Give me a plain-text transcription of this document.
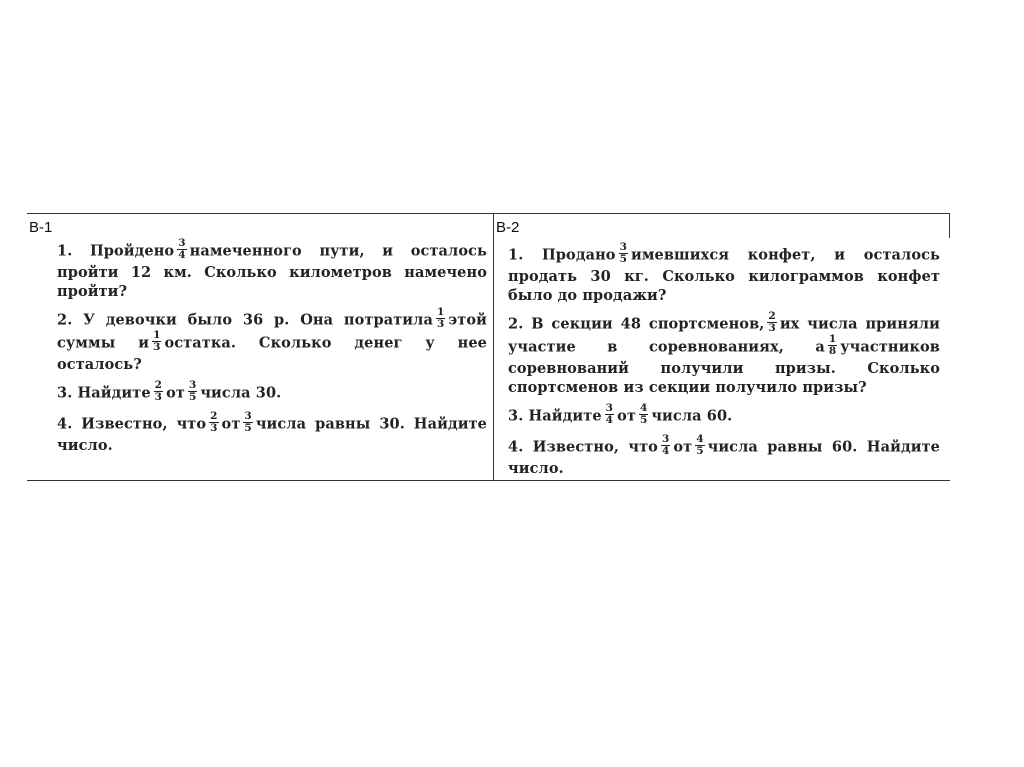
В-1

1. Пройдено $\frac{3}{4}$ намеченного пути, и осталось пройти 12 км. Сколько километров намечено пройти?

2. У девочки было 36 р. Она потратила $\frac{1}{3}$ этой суммы и $\frac{1}{3}$ остатка. Сколько денег у нее осталось?

3. Найдите $\frac{2}{3}$ от $\frac{3}{5}$ числа 30.

4. Известно, что $\frac{2}{3}$ от $\frac{3}{5}$ числа равны 30. Найдите число.

В-2

1. Продано $\frac{3}{5}$ имевшихся конфет, и осталось продать 30 кг. Сколько килограммов конфет было до продажи?

2. В секции 48 спортсменов, $\frac{2}{3}$ их числа приняли участие в соревнованиях, а $\frac{1}{8}$ участников соревнований получили призы. Сколько спортсменов из секции получило призы?

3. Найдите $\frac{3}{4}$ от $\frac{4}{5}$ числа 60.

4. Известно, что $\frac{3}{4}$ от $\frac{4}{5}$ числа равны 60. Найдите число.
